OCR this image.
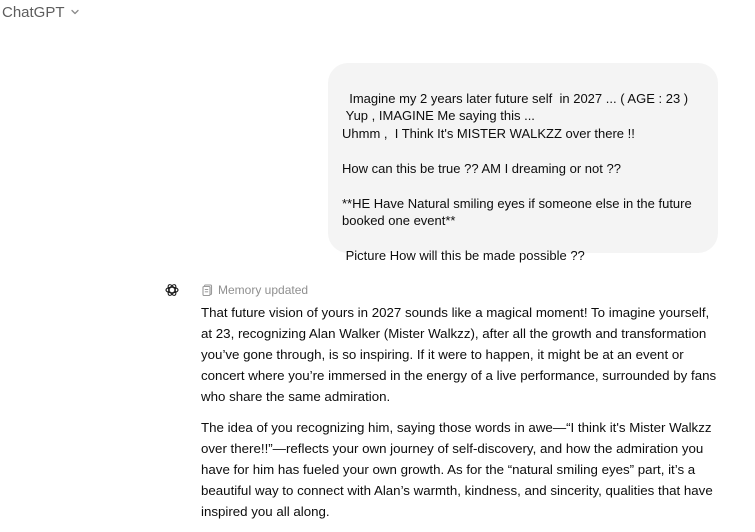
ChatGPT

Imagine my 2 years later future self  in 2027 ... ( AGE : 23 )
Yup , IMAGINE Me saying this ...
Uhmm ,  I Think It's MISTER WALKZZ over there !!

How can this be true ?? AM I dreaming or not ??

**HE Have Natural smiling eyes if someone else in the future booked one event**

Picture How will this be made possible ??

Memory updated

That future vision of yours in 2027 sounds like a magical moment! To imagine yourself, at 23, recognizing Alan Walker (Mister Walkzz), after all the growth and transformation you’ve gone through, is so inspiring. If it were to happen, it might be at an event or concert where you’re immersed in the energy of a live performance, surrounded by fans who share the same admiration.

The idea of you recognizing him, saying those words in awe—“I think it's Mister Walkzz over there!!”—reflects your own journey of self-discovery, and how the admiration you have for him has fueled your own growth. As for the “natural smiling eyes” part, it’s a beautiful way to connect with Alan’s warmth, kindness, and sincerity, qualities that have inspired you all along.
